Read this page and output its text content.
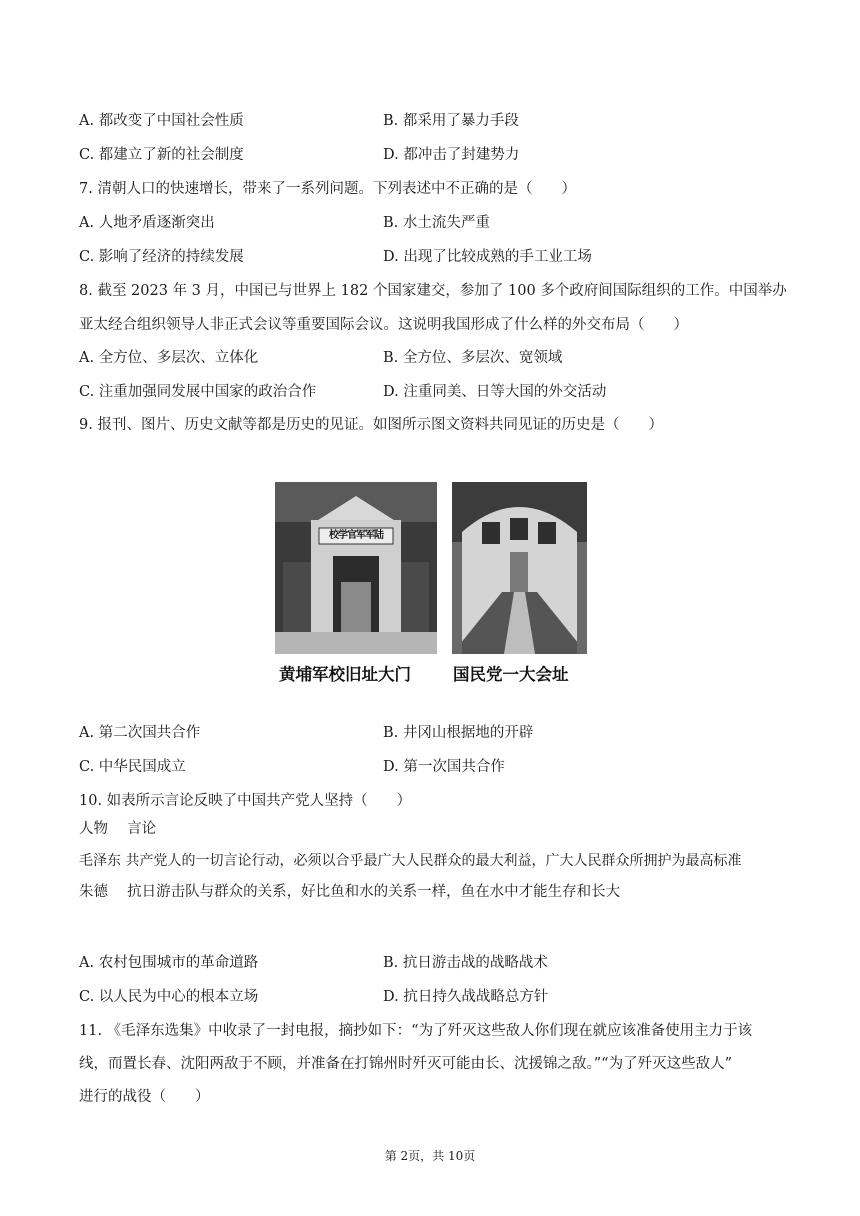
A. 都改变了中国社会性质	B. 都采用了暴力手段
C. 都建立了新的社会制度	D. 都冲击了封建势力
7. 清朝人口的快速增长，带来了一系列问题。下列表述中不正确的是（　　）
A. 人地矛盾逐渐突出	B. 水土流失严重
C. 影响了经济的持续发展	D. 出现了比较成熟的手工业工场
8. 截至 2023 年 3 月，中国已与世界上 182 个国家建交，参加了 100 多个政府间国际组织的工作。中国举办
亚太经合组织领导人非正式会议等重要国际会议。这说明我国形成了什么样的外交布局（　　）
A. 全方位、多层次、立体化	B. 全方位、多层次、宽领域
C. 注重加强同发展中国家的政治合作	D. 注重同美、日等大国的外交活动
9. 报刊、图片、历史文献等都是历史的见证。如图所示图文资料共同见证的历史是（　　）
校学官军军陆
黄埔军校旧址大门	国民党一大会址
A. 第二次国共合作	B. 井冈山根据地的开辟
C. 中华民国成立	D. 第一次国共合作
10. 如表所示言论反映了中国共产党人坚持（　　）
人物　 言论
毛泽东 共产党人的一切言论行动，必须以合乎最广大人民群众的最大利益，广大人民群众所拥护为最高标准
朱德　 抗日游击队与群众的关系，好比鱼和水的关系一样，鱼在水中才能生存和长大
A. 农村包围城市的革命道路	B. 抗日游击战的战略战术
C. 以人民为中心的根本立场	D. 抗日持久战战略总方针
11. 《毛泽东选集》中收录了一封电报，摘抄如下：“为了歼灭这些敌人你们现在就应该准备使用主力于该
线，而置长春、沈阳两敌于不顾，并准备在打锦州时歼灭可能由长、沈援锦之敌。”“为了歼灭这些敌人”
进行的战役（　　）
第 2页，共 10页
